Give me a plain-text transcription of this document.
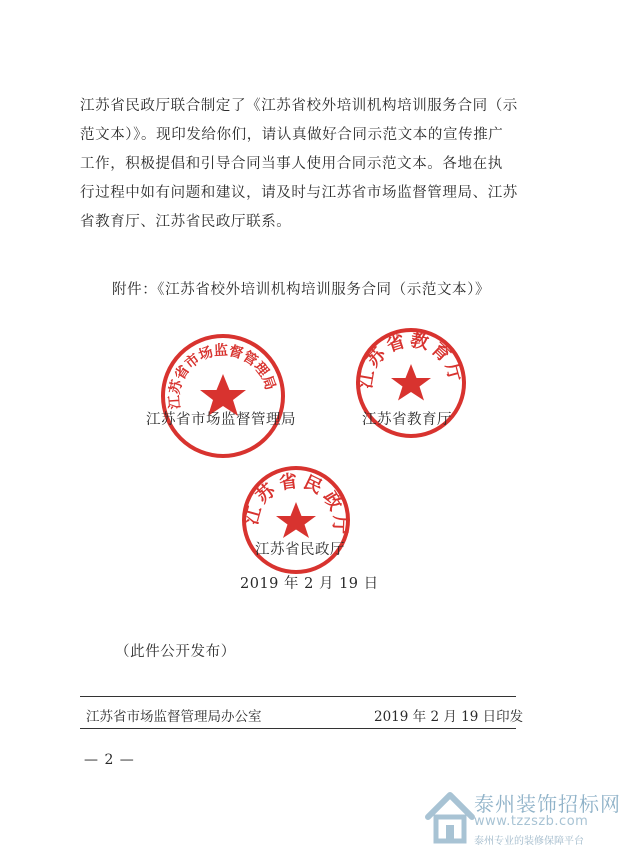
江苏省民政厅联合制定了《江苏省校外培训机构培训服务合同（示
范文本）》。现印发给你们，请认真做好合同示范文本的宣传推广
工作，积极提倡和引导合同当事人使用合同示范文本。各地在执
行过程中如有问题和建议，请及时与江苏省市场监督管理局、江苏
省教育厅、江苏省民政厅联系。
附件：《江苏省校外培训机构培训服务合同（示范文本）》
江苏省市场监督管理局	江苏省教育厅
江苏省民政厅
江苏省市场监督管理局	江苏省教育厅
江苏省民政厅
2019 年 2 月 19 日
（此件公开发布）
江苏省市场监督管理局办公室	2019 年 2 月 19 日印发
— 2 —
泰州装饰招标网
www.tzzszb.com
泰州专业的装修保障平台
